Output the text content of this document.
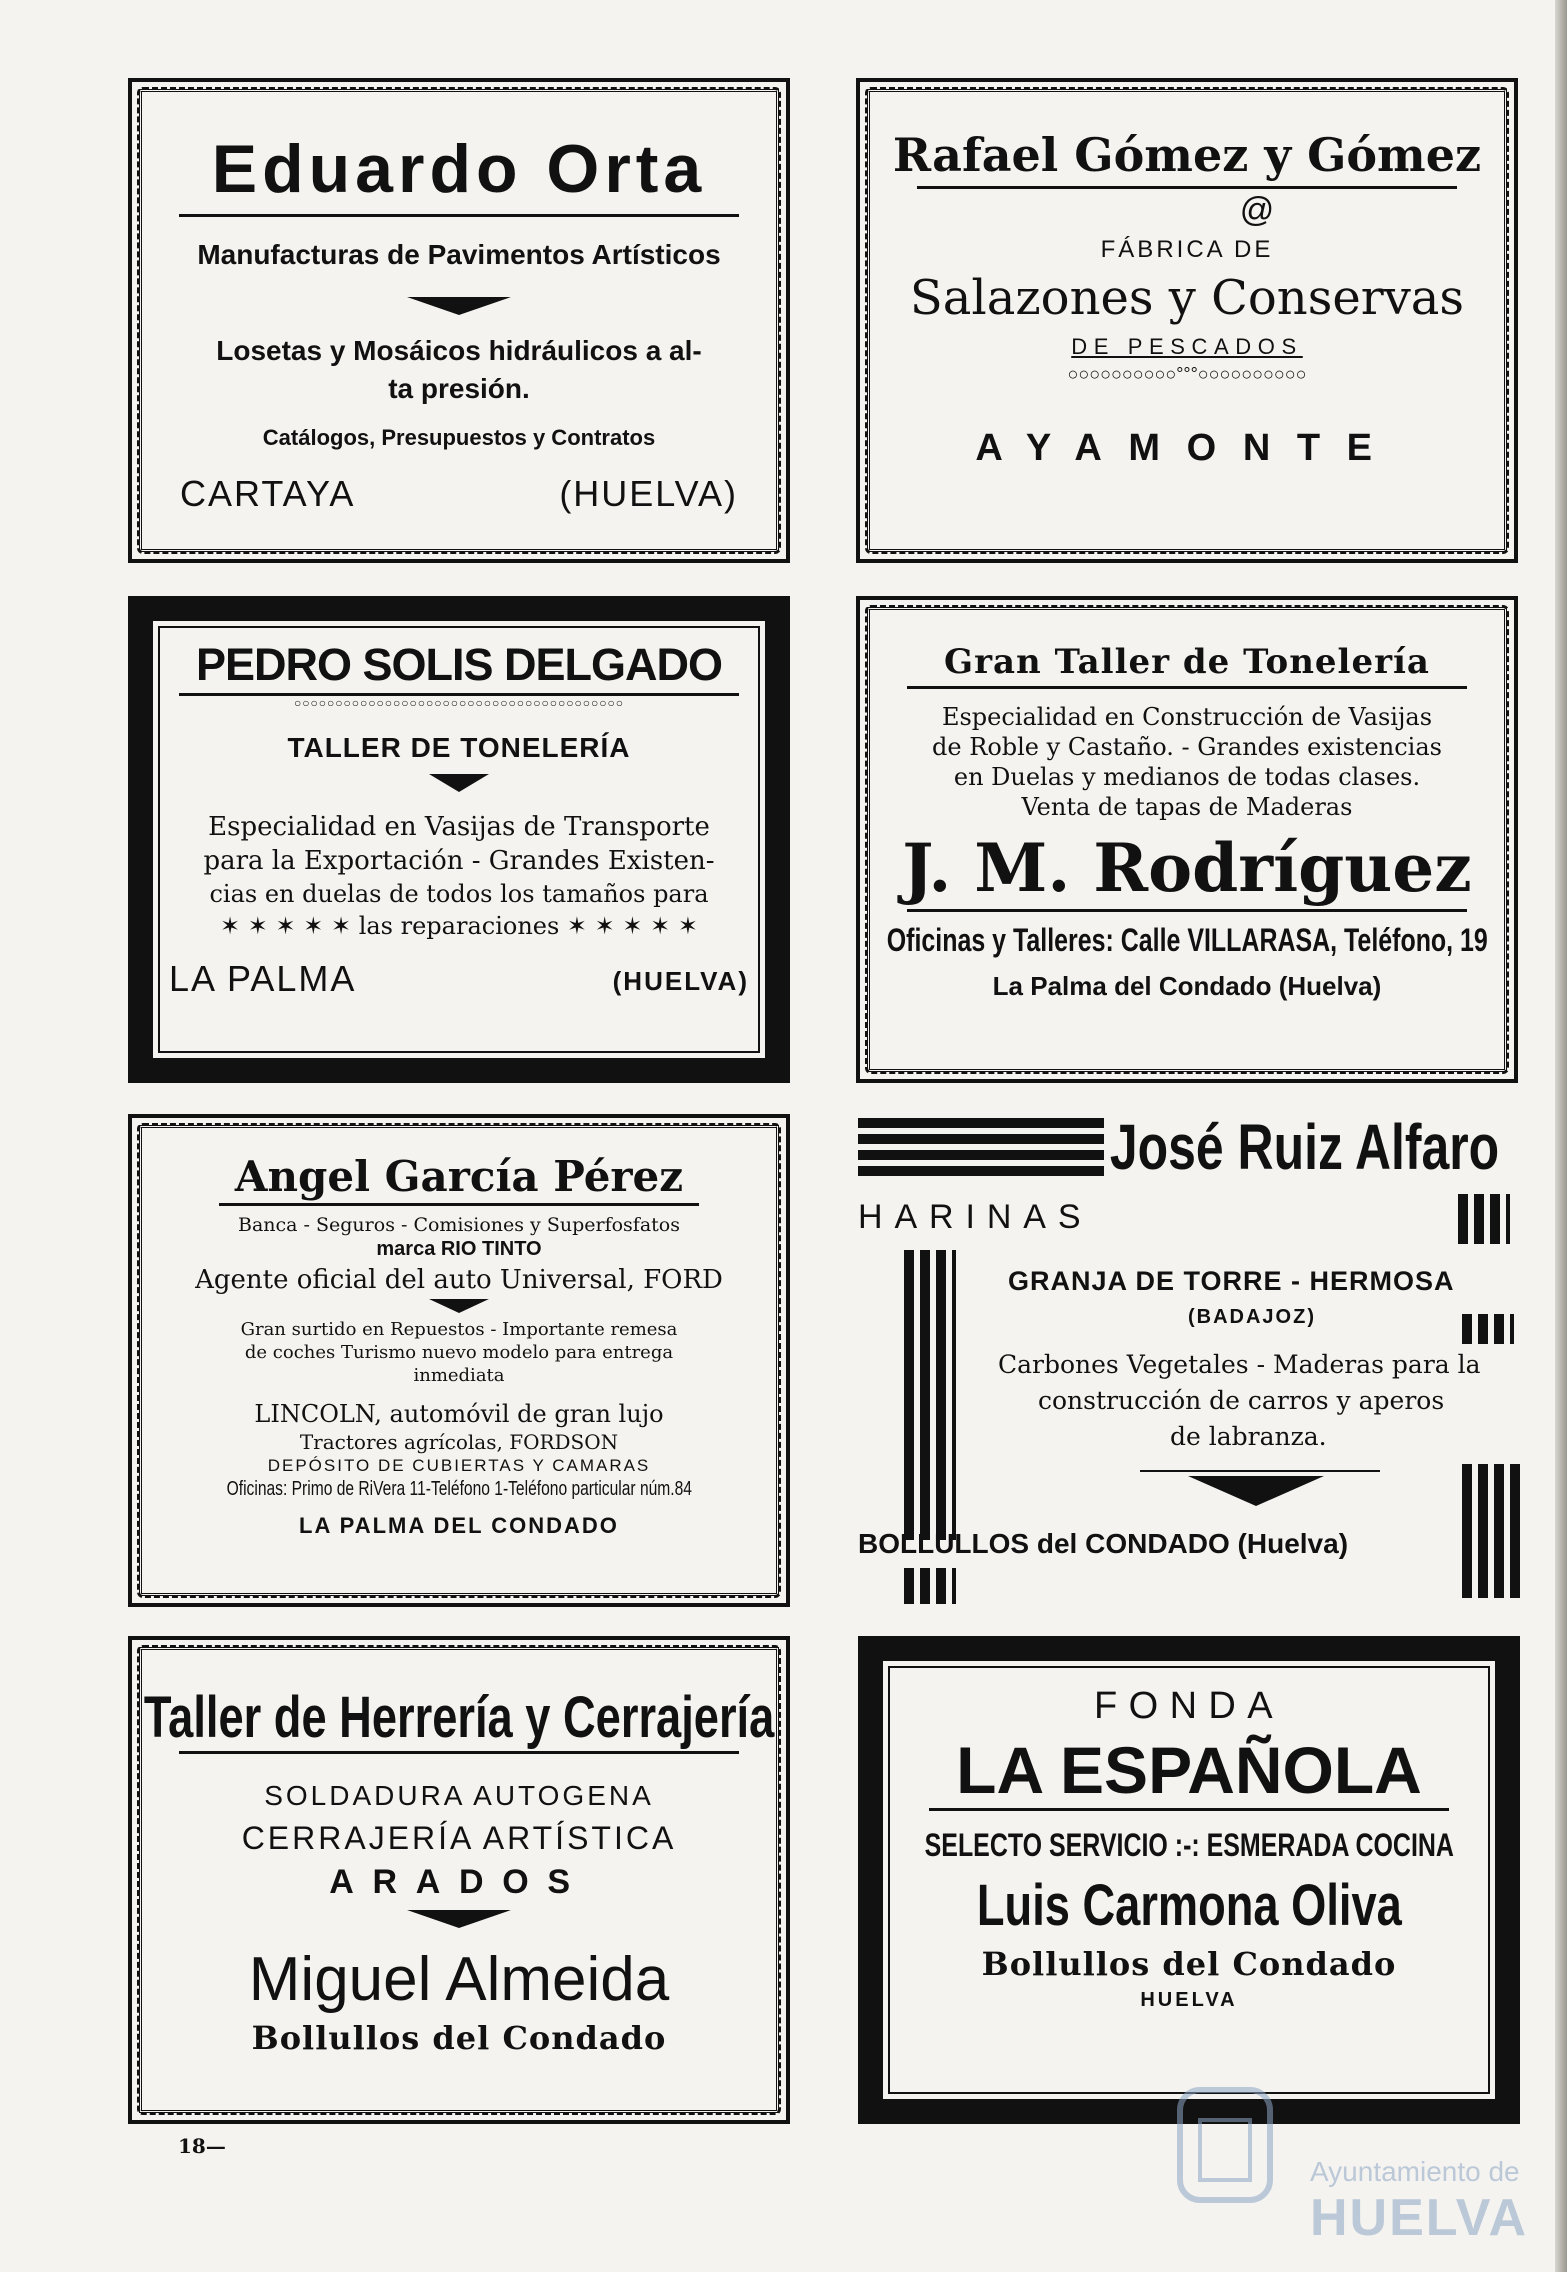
Eduardo Orta
Manufacturas de Pavimentos Artísticos
Losetas y Mosáicos hidráulicos a al-
ta presión.
Catálogos, Presupuestos y Contratos
CARTAYA	(HUELVA)
Rafael Gómez y Gómez
@
FÁBRICA DE
Salazones y Conservas
DE PESCADOS
○○○○○○○○○○°°°○○○○○○○○○○
AYAMONTE
PEDRO SOLIS DELGADO
○○○○○○○○○○○○○○○○○○○○○○○○○○○○○○○○○○○○○○○○
TALLER DE TONELERÍA
Especialidad en Vasijas de Transporte
para la Exportación - Grandes Existen-
cias en duelas de todos los tamaños para
✶ ✶ ✶ ✶ ✶ las reparaciones ✶ ✶ ✶ ✶ ✶
LA PALMA	(HUELVA)
Gran Taller de Tonelería
Especialidad en Construcción de Vasijas
de Roble y Castaño. - Grandes existencias
en Duelas y medianos de todas clases.
Venta de tapas de Maderas
J. M. Rodríguez
Oficinas y Talleres: Calle VILLARASA, Teléfono, 19
La Palma del Condado (Huelva)
Angel García Pérez
Banca - Seguros - Comisiones y Superfosfatos
marca RIO TINTO
Agente oficial del auto Universal, FORD
Gran surtido en Repuestos - Importante remesa
de coches Turismo nuevo modelo para entrega
inmediata
LINCOLN, automóvil de gran lujo
Tractores agrícolas, FORDSON
DEPÓSITO DE CUBIERTAS Y CAMARAS
Oficinas: Primo de RiVera 11-Teléfono 1-Teléfono particular núm.84
LA PALMA DEL CONDADO
José Ruiz Alfaro
HARINAS
GRANJA DE TORRE - HERMOSA
(BADAJOZ)
Carbones Vegetales - Maderas para la
construcción de carros y aperos
de labranza.
BOLLULLOS del CONDADO (Huelva)
Taller de Herrería y Cerrajería
SOLDADURA AUTOGENA
CERRAJERÍA ARTÍSTICA
ARADOS
Miguel Almeida
Bollullos del Condado
FONDA
LA ESPAÑOLA
SELECTO SERVICIO :-: ESMERADA COCINA
Luis Carmona Oliva
Bollullos del Condado
HUELVA
18—
Ayuntamiento de
HUELVA
